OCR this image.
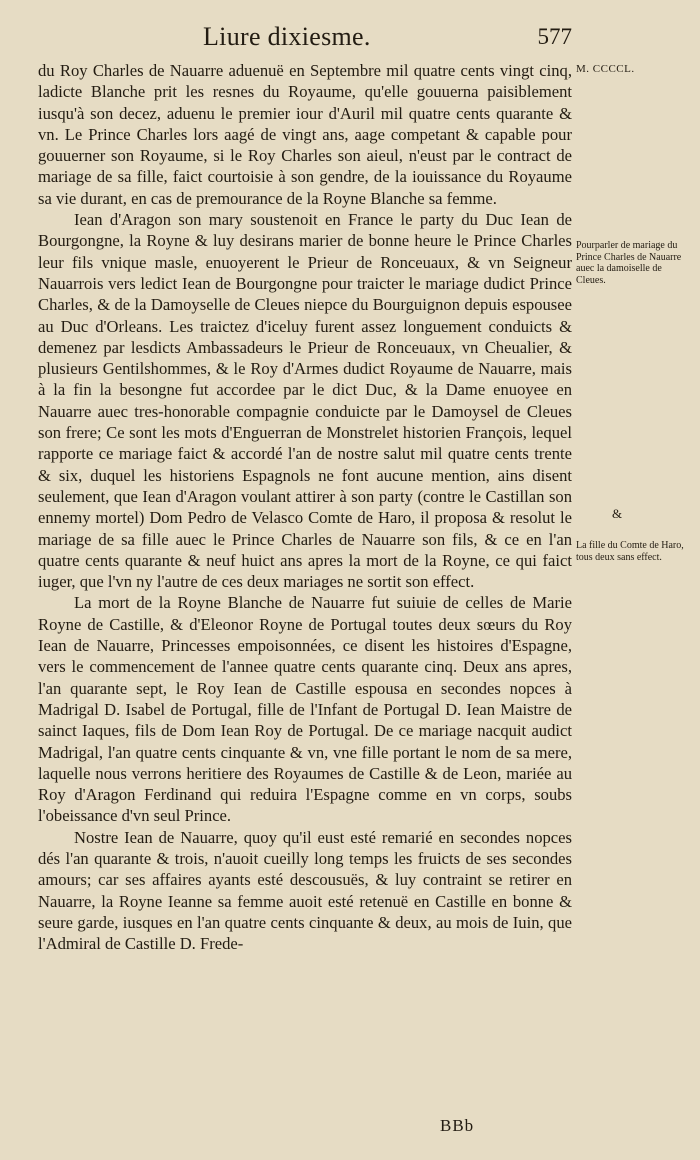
Liure dixiesme.	577

du Roy Charles de Nauarre aduenuë en Septembre mil quatre cents vingt cinq, ladicte Blanche prit les resnes du Royaume, qu'elle gouuerna paisiblement iusqu'à son decez, aduenu le premier iour d'Auril mil quatre cents quarante & vn. Le Prince Charles lors aagé de vingt ans, aage competant & capable pour gouuerner son Royaume, si le Roy Charles son aieul, n'eust par le contract de mariage de sa fille, faict courtoisie à son gendre, de la iouissance du Royaume sa vie durant, en cas de premourance de la Royne Blanche sa femme.

Iean d'Aragon son mary soustenoit en France le party du Duc Iean de Bourgongne, la Royne & luy desirans marier de bonne heure le Prince Charles leur fils vnique masle, enuoyerent le Prieur de Ronceuaux, & vn Seigneur Nauarrois vers ledict Iean de Bourgongne pour traicter le mariage dudict Prince Charles, & de la Damoyselle de Cleues niepce du Bourguignon depuis espousee au Duc d'Orleans. Les traictez d'iceluy furent assez longuement conduicts & demenez par lesdicts Ambassadeurs le Prieur de Ronceuaux, vn Cheualier, & plusieurs Gentilshommes, & le Roy d'Armes dudict Royaume de Nauarre, mais à la fin la besongne fut accordee par le dict Duc, & la Dame enuoyee en Nauarre auec tres-honorable compagnie conduicte par le Damoysel de Cleues son frere; Ce sont les mots d'Enguerran de Monstrelet historien François, lequel rapporte ce mariage faict & accordé l'an de nostre salut mil quatre cents trente & six, duquel les historiens Espagnols ne font aucune mention, ains disent seulement, que Iean d'Aragon voulant attirer à son party (contre le Castillan son ennemy mortel) Dom Pedro de Velasco Comte de Haro, il proposa & resolut le mariage de sa fille auec le Prince Charles de Nauarre son fils, & ce en l'an quatre cents quarante & neuf huict ans apres la mort de la Royne, ce qui faict iuger, que l'vn ny l'autre de ces deux mariages ne sortit son effect.

La mort de la Royne Blanche de Nauarre fut suiuie de celles de Marie Royne de Castille, & d'Eleonor Royne de Portugal toutes deux sœurs du Roy Iean de Nauarre, Princesses empoisonnées, ce disent les histoires d'Espagne, vers le commencement de l'annee quatre cents quarante cinq. Deux ans apres, l'an quarante sept, le Roy Iean de Castille espousa en secondes nopces à Madrigal D. Isabel de Portugal, fille de l'Infant de Portugal D. Iean Maistre de sainct Iaques, fils de Dom Iean Roy de Portugal. De ce mariage nacquit audict Madrigal, l'an quatre cents cinquante & vn, vne fille portant le nom de sa mere, laquelle nous verrons heritiere des Royaumes de Castille & de Leon, mariée au Roy d'Aragon Ferdinand qui reduira l'Espagne comme en vn corps, soubs l'obeissance d'vn seul Prince.

Nostre Iean de Nauarre, quoy qu'il eust esté remarié en secondes nopces dés l'an quarante & trois, n'auoit cueilly long temps les fruicts de ses secondes amours; car ses affaires ayants esté descousuës, & luy contraint se retirer en Nauarre, la Royne Ieanne sa femme auoit esté retenuë en Castille en bonne & seure garde, iusques en l'an quatre cents cinquante & deux, au mois de Iuin, que l'Admiral de Castille D. Frede-

M. CCCCL.
Pourparler de mariage du Prince Charles de Nauarre auec la damoiselle de Cleues.
&
La fille du Comte de Haro, tous deux sans effect.
BBb
